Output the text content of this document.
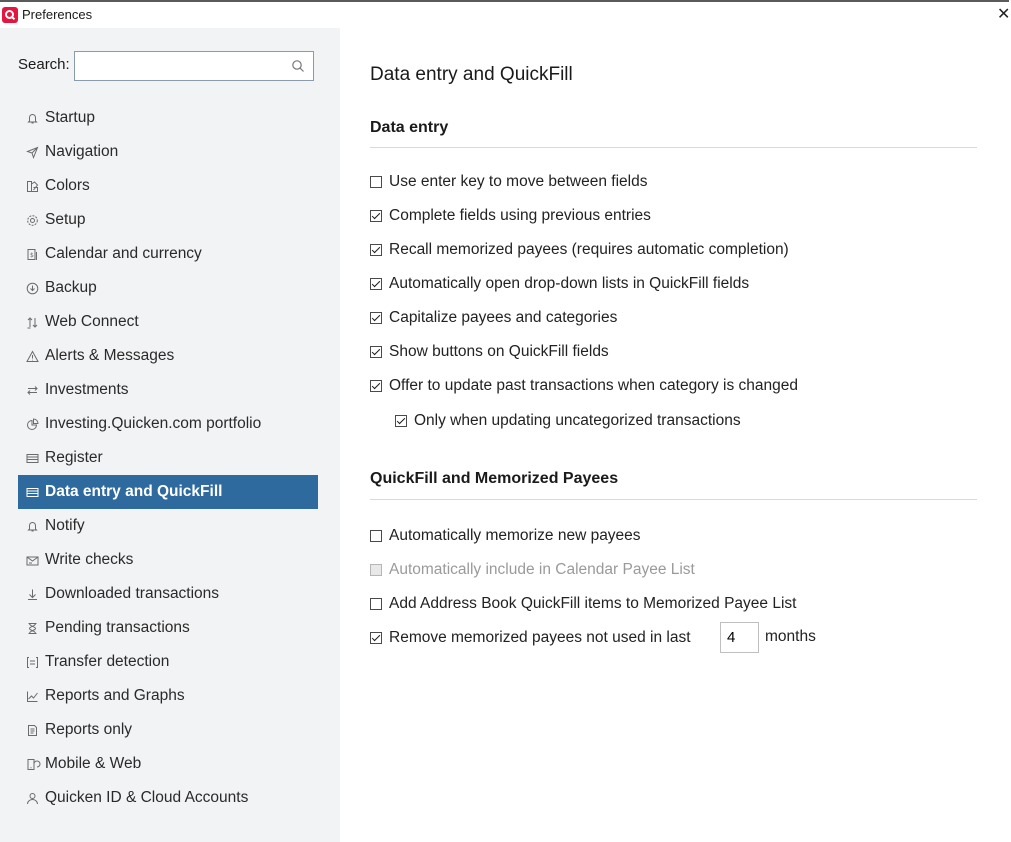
Preferences	✕
Search:
Startup
Navigation
Colors
Setup
$ Calendar and currency
Backup
Web Connect
Alerts & Messages
Investments
Investing.Quicken.com portfolio
Register
Data entry and QuickFill
Notify
Write checks
Downloaded transactions
Pending transactions
Transfer detection
Reports and Graphs
Reports only
Mobile & Web
Quicken ID & Cloud Accounts
Data entry and QuickFill
Data entry
Use enter key to move between fields
Complete fields using previous entries
Recall memorized payees (requires automatic completion)
Automatically open drop-down lists in QuickFill fields
Capitalize payees and categories
Show buttons on QuickFill fields
Offer to update past transactions when category is changed
Only when updating uncategorized transactions
QuickFill and Memorized Payees
Automatically memorize new payees
Automatically include in Calendar Payee List
Add Address Book QuickFill items to Memorized Payee List
Remove memorized payees not used in last
4	months
